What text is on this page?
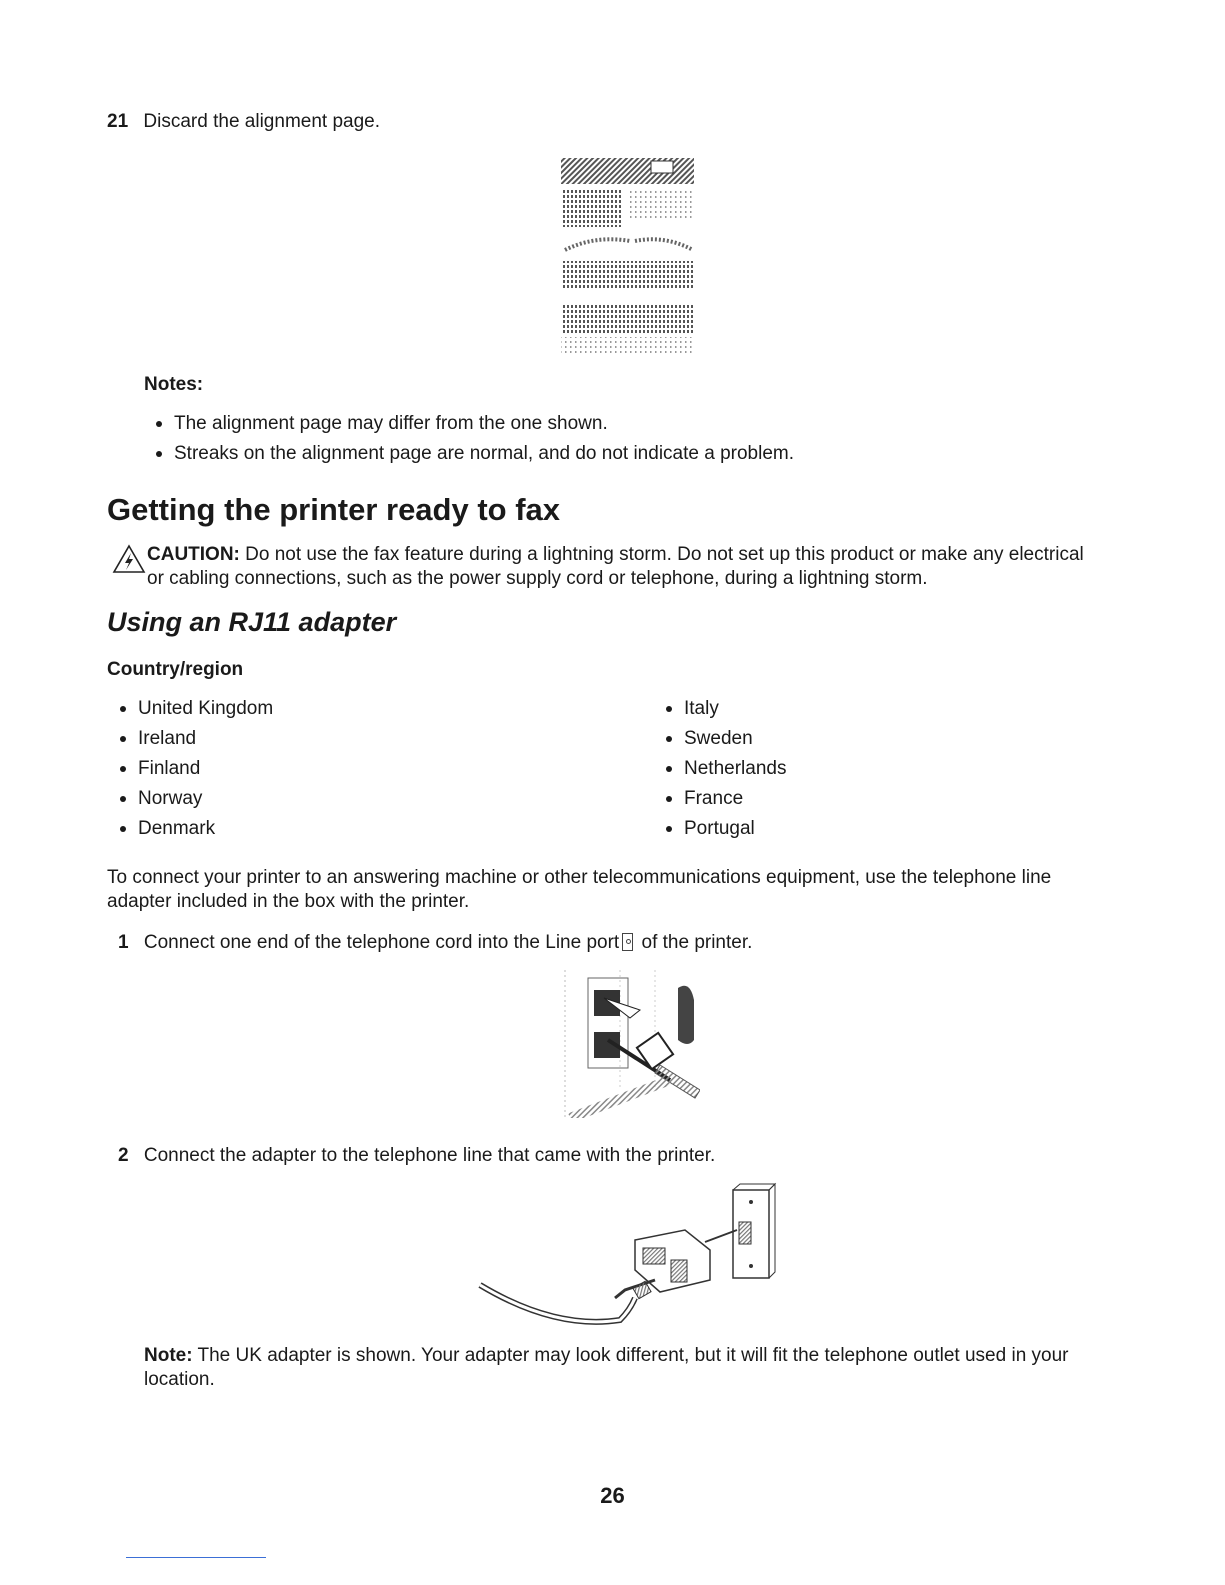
21 Discard the alignment page.
Notes:
The alignment page may differ from the one shown.
Streaks on the alignment page are normal, and do not indicate a problem.
Getting the printer ready to fax
CAUTION: Do not use the fax feature during a lightning storm. Do not set up this product or make any electrical
or cabling connections, such as the power supply cord or telephone, during a lightning storm.
Using an RJ11 adapter
Country/region
United Kingdom
Ireland
Finland
Norway
Denmark
Italy
Sweden
Netherlands
France
Portugal
To connect your printer to an answering machine or other telecommunications equipment, use the telephone line
adapter included in the box with the printer.
1 Connect one end of the telephone cord into the Line port of the printer.
2 Connect the adapter to the telephone line that came with the printer.
Note: The UK adapter is shown. Your adapter may look different, but it will fit the telephone outlet used in your
location.
26
